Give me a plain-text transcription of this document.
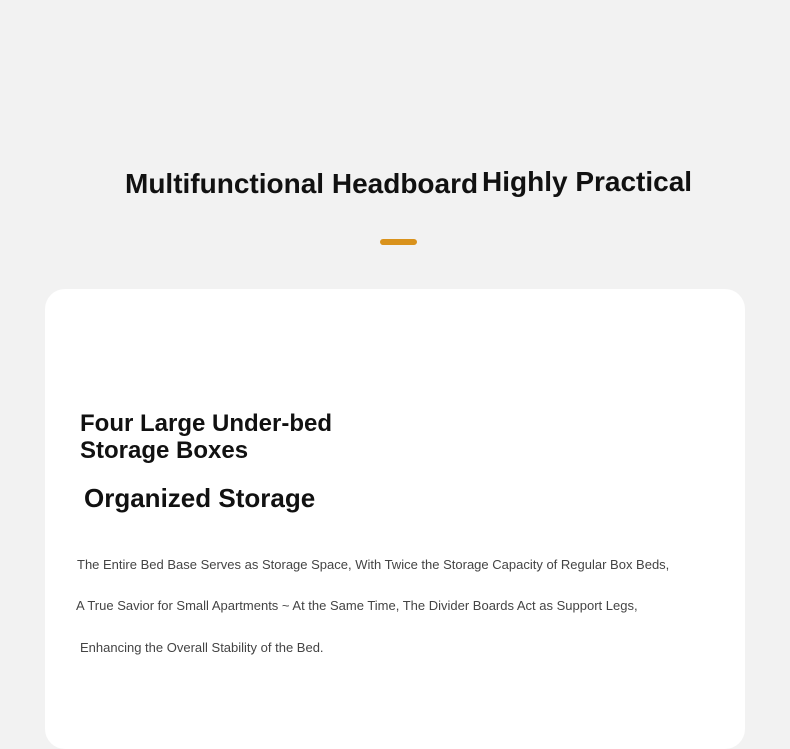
Multifunctional Headboard Highly Practical
Four Large Under-bed Storage Boxes
Organized Storage

The Entire Bed Base Serves as Storage Space, With Twice the Storage Capacity of Regular Box Beds,

A True Savior for Small Apartments ~ At the Same Time, The Divider Boards Act as Support Legs,

Enhancing the Overall Stability of the Bed.
